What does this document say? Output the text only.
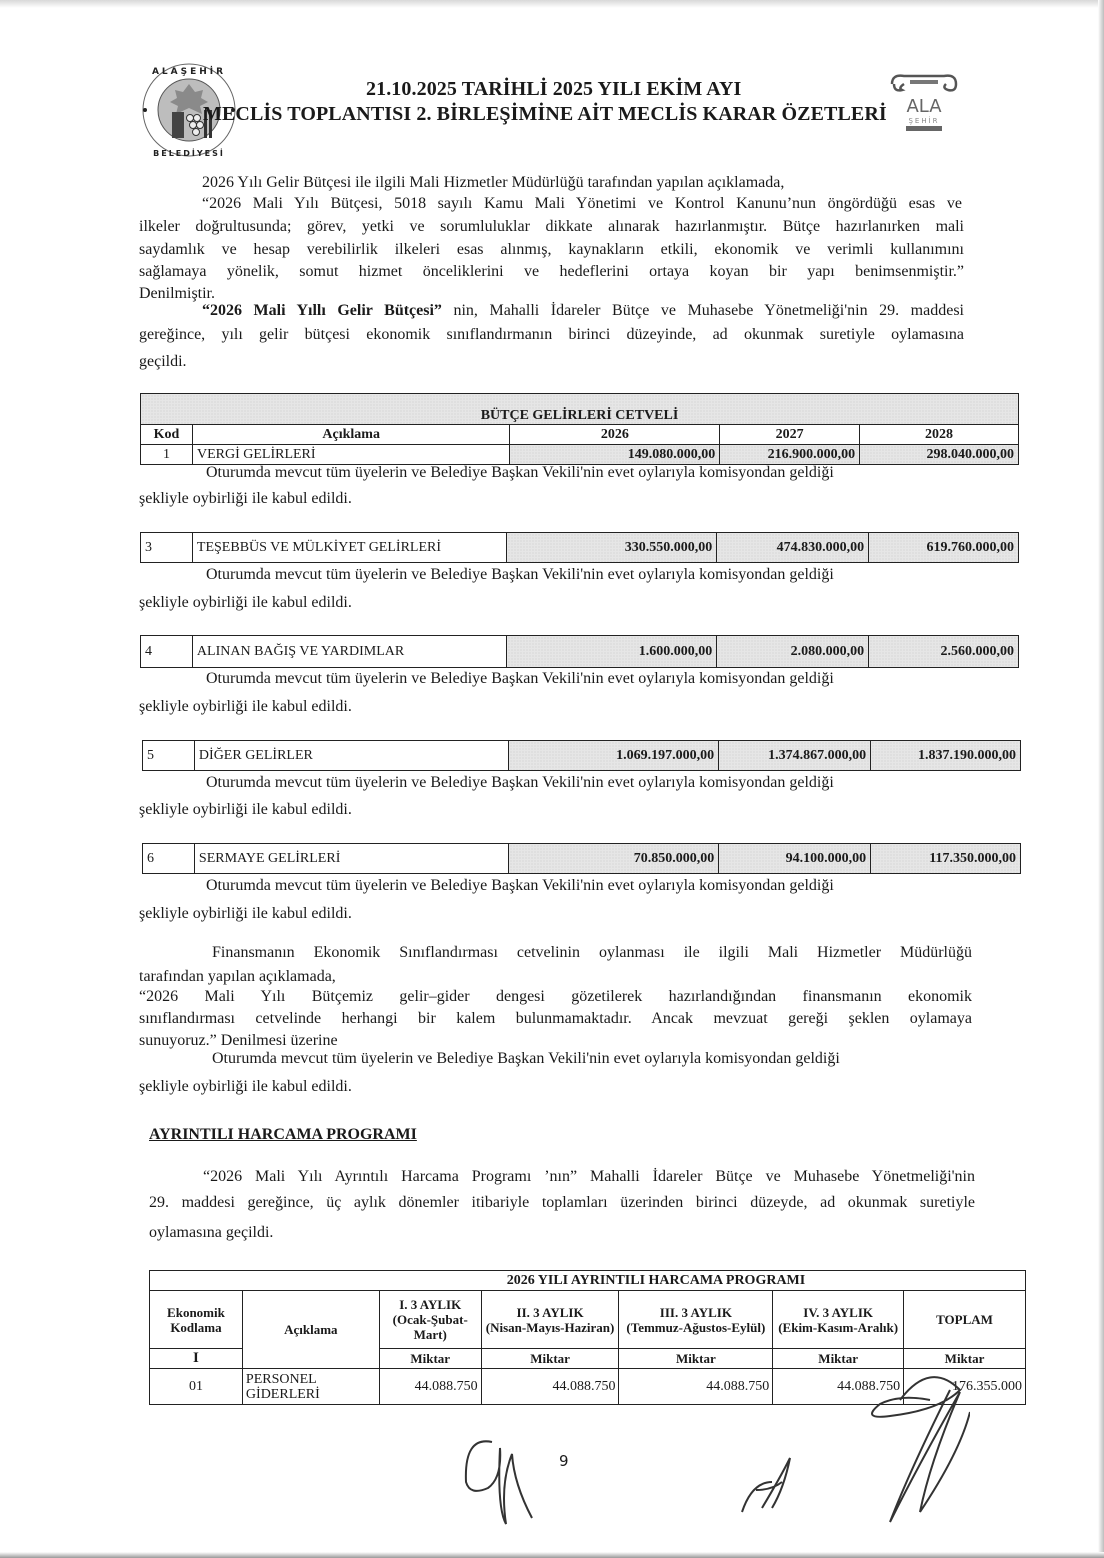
ALAŞEHİR
BELEDİYESİ
ALA
ŞEHİR
21.10.2025 TARİHLİ 2025 YILI EKİM AYI
MECLİS TOPLANTISI 2. BİRLEŞİMİNE AİT MECLİS KARAR ÖZETLERİ

2026 Yılı Gelir Bütçesi ile ilgili Mali Hizmetler Müdürlüğü tarafından yapılan açıklamada,

“2026 Mali Yılı Bütçesi, 5018 sayılı Kamu Mali Yönetimi ve Kontrol Kanunu’nun öngördüğü esas ve

ilkeler doğrultusunda; görev, yetki ve sorumluluklar dikkate alınarak hazırlanmıştır. Bütçe hazırlanırken mali

saydamlık ve hesap verebilirlik ilkeleri esas alınmış, kaynakların etkili, ekonomik ve verimli kullanımını

sağlamaya yönelik, somut hizmet önceliklerini ve hedeflerini ortaya koyan bir yapı benimsenmiştir.”

Denilmiştir.

“2026 Mali Yıllı Gelir Bütçesi” nin, Mahalli İdareler Bütçe ve Muhasebe Yönetmeliği'nin 29. maddesi

gereğince, yılı gelir bütçesi ekonomik sınıflandırmanın birinci düzeyinde, ad okunmak suretiyle oylamasına

geçildi.

BÜTÇE GELİRLERİ CETVELİ				
Kod	Açıklama	2026	2027	2028
1	VERGİ GELİRLERİ	149.080.000,00	216.900.000,00	298.040.000,00

Oturumda mevcut tüm üyelerin ve Belediye Başkan Vekili'nin evet oylarıyla komisyondan geldiği

şekliyle oybirliği ile kabul edildi.

3	TEŞEBBÜS VE MÜLKİYET GELİRLERİ	330.550.000,00	474.830.000,00	619.760.000,00

Oturumda mevcut tüm üyelerin ve Belediye Başkan Vekili'nin evet oylarıyla komisyondan geldiği

şekliyle oybirliği ile kabul edildi.

4	ALINAN BAĞIŞ VE YARDIMLAR	1.600.000,00	2.080.000,00	2.560.000,00

Oturumda mevcut tüm üyelerin ve Belediye Başkan Vekili'nin evet oylarıyla komisyondan geldiği

şekliyle oybirliği ile kabul edildi.

5	DİĞER GELİRLER	1.069.197.000,00	1.374.867.000,00	1.837.190.000,00

Oturumda mevcut tüm üyelerin ve Belediye Başkan Vekili'nin evet oylarıyla komisyondan geldiği

şekliyle oybirliği ile kabul edildi.

6	SERMAYE GELİRLERİ	70.850.000,00	94.100.000,00	117.350.000,00

Oturumda mevcut tüm üyelerin ve Belediye Başkan Vekili'nin evet oylarıyla komisyondan geldiği

şekliyle oybirliği ile kabul edildi.

Finansmanın Ekonomik Sınıflandırması cetvelinin oylanması ile ilgili Mali Hizmetler Müdürlüğü

tarafından yapılan açıklamada,

“2026 Mali Yılı Bütçemiz gelir–gider dengesi gözetilerek hazırlandığından finansmanın ekonomik

sınıflandırması cetvelinde herhangi bir kalem bulunmamaktadır. Ancak mevzuat gereği şeklen oylamaya

sunuyoruz.” Denilmesi üzerine

Oturumda mevcut tüm üyelerin ve Belediye Başkan Vekili'nin evet oylarıyla komisyondan geldiği

şekliyle oybirliği ile kabul edildi.

AYRINTILI HARCAMA PROGRAMI

“2026 Mali Yılı Ayrıntılı Harcama Programı ’nın” Mahalli İdareler Bütçe ve Muhasebe Yönetmeliği'nin

29. maddesi gereğince, üç aylık dönemler itibariyle toplamları üzerinden birinci düzeyde, ad okunmak suretiyle

oylamasına geçildi.

2026 YILI AYRINTILI HARCAMA PROGRAMI						
Ekonomik Kodlama	Açıklama	I. 3 AYLIK
(Ocak-Şubat-Mart)	II. 3 AYLIK
(Nisan-Mayıs-Haziran)	III. 3 AYLIK
(Temmuz-Ağustos-Eylül)	IV. 3 AYLIK
(Ekim-Kasım-Aralık)	TOPLAM
I		Miktar	Miktar	Miktar	Miktar	Miktar
01	PERSONEL GİDERLERİ	44.088.750	44.088.750	44.088.750	44.088.750	176.355.000
9
